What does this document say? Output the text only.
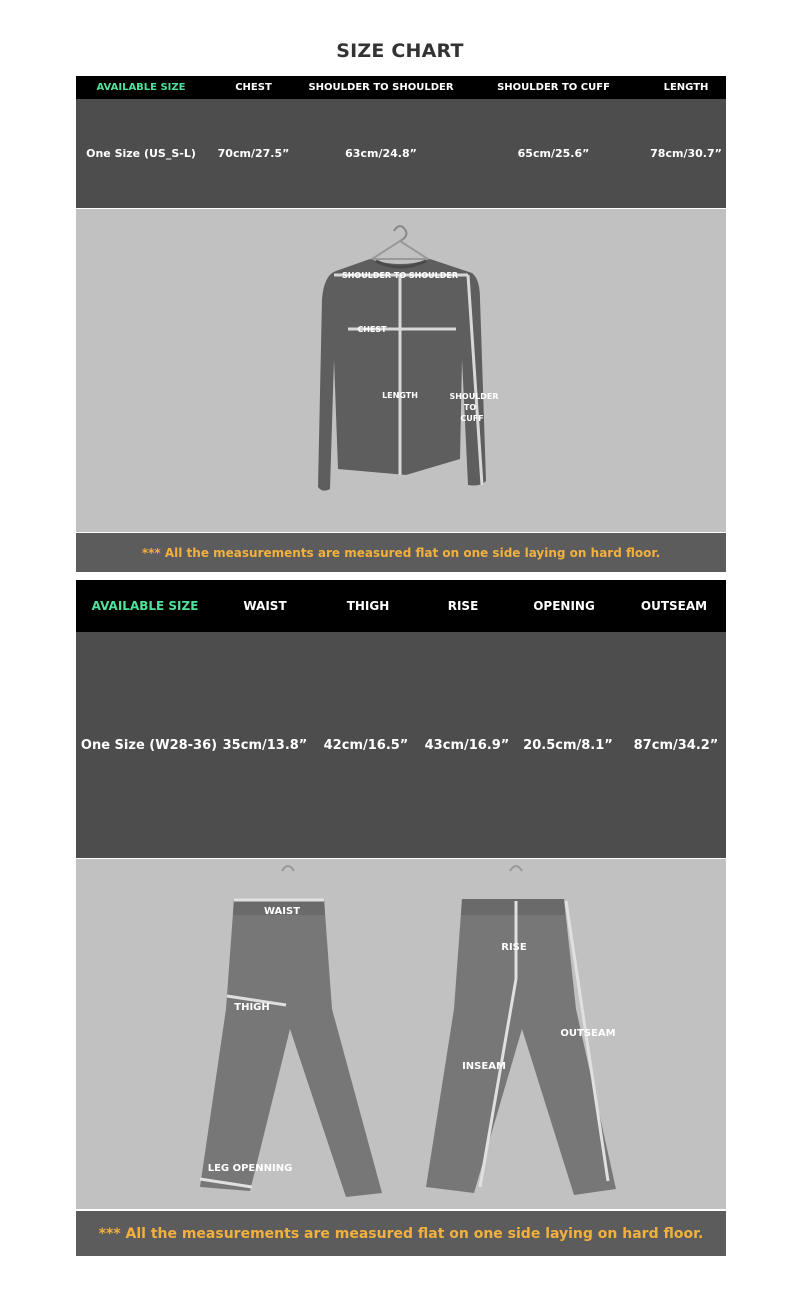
SIZE CHART
AVAILABLE SIZE	CHEST	SHOULDER TO SHOULDER	SHOULDER TO CUFF	LENGTH
One Size (US_S-L)	70cm/27.5”	63cm/24.8”	65cm/25.6”	78cm/30.7”
SHOULDER TO SHOULDER
CHEST
LENGTH	SHOULDER
TO
CUFF
*** All the measurements are measured flat on one side laying on hard floor.
AVAILABLE SIZE	WAIST	THIGH	RISE	OPENING	OUTSEAM
One Size (W28-36) 35cm/13.8”	42cm/16.5”	43cm/16.9”	20.5cm/8.1”	87cm/34.2”
WAIST
THIGH
LEG OPENNING
RISE
INSEAM
OUTSEAM
*** All the measurements are measured flat on one side laying on hard floor.
